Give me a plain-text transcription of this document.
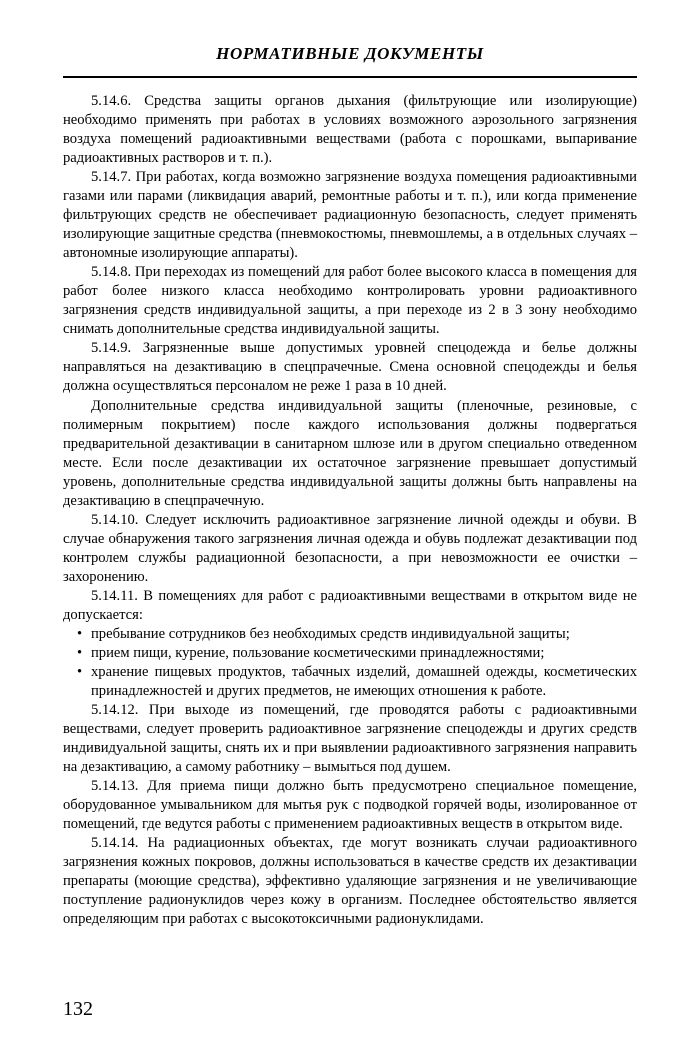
НОРМАТИВНЫЕ ДОКУМЕНТЫ

5.14.6. Средства защиты органов дыхания (фильтрующие или изолирующие) необходимо применять при работах в условиях возможного аэрозольного загрязнения воздуха помещений радиоактивными веществами (работа с порошками, выпаривание радиоактивных растворов и т. п.).

5.14.7. При работах, когда возможно загрязнение воздуха помещения радиоактивными газами или парами (ликвидация аварий, ремонтные работы и т. п.), или когда применение фильтрующих средств не обеспечивает радиационную безопасность, следует применять изолирующие защитные средства (пневмокостюмы, пневмошлемы, а в отдельных случаях – автономные изолирующие аппараты).

5.14.8. При переходах из помещений для работ более высокого класса в помещения для работ более низкого класса необходимо контролировать уровни радиоактивного загрязнения средств индивидуальной защиты, а при переходе из 2 в 3 зону необходимо снимать дополнительные средства индивидуальной защиты.

5.14.9. Загрязненные выше допустимых уровней спецодежда и белье должны направляться на дезактивацию в спецпрачечные. Смена основной спецодежды и белья должна осуществляться персоналом не реже 1 раза в 10 дней.

Дополнительные средства индивидуальной защиты (пленочные, резиновые, с полимерным покрытием) после каждого использования должны подвергаться предварительной дезактивации в санитарном шлюзе или в другом специально отведенном месте. Если после дезактивации их остаточное загрязнение превышает допустимый уровень, дополнительные средства индивидуальной защиты должны быть направлены на дезактивацию в спецпрачечную.

5.14.10. Следует исключить радиоактивное загрязнение личной одежды и обуви. В случае обнаружения такого загрязнения личная одежда и обувь подлежат дезактивации под контролем службы радиационной безопасности, а при невозможности ее очистки – захоронению.

5.14.11. В помещениях для работ с радиоактивными веществами в открытом виде не допускается:

• пребывание сотрудников без необходимых средств индивидуальной защиты;
• прием пищи, курение, пользование косметическими принадлежностями;
• хранение пищевых продуктов, табачных изделий, домашней одежды, косметических принадлежностей и других предметов, не имеющих отношения к работе.

5.14.12. При выходе из помещений, где проводятся работы с радиоактивными веществами, следует проверить радиоактивное загрязнение спецодежды и других средств индивидуальной защиты, снять их и при выявлении радиоактивного загрязнения направить на дезактивацию, а самому работнику – вымыться под душем.

5.14.13. Для приема пищи должно быть предусмотрено специальное помещение, оборудованное умывальником для мытья рук с подводкой горячей воды, изолированное от помещений, где ведутся работы с применением радиоактивных веществ в открытом виде.

5.14.14. На радиационных объектах, где могут возникать случаи радиоактивного загрязнения кожных покровов, должны использоваться в качестве средств их дезактивации препараты (моющие средства), эффективно удаляющие загрязнения и не увеличивающие поступление радионуклидов через кожу в организм. Последнее обстоятельство является определяющим при работах с высокотоксичными радионуклидами.

132
